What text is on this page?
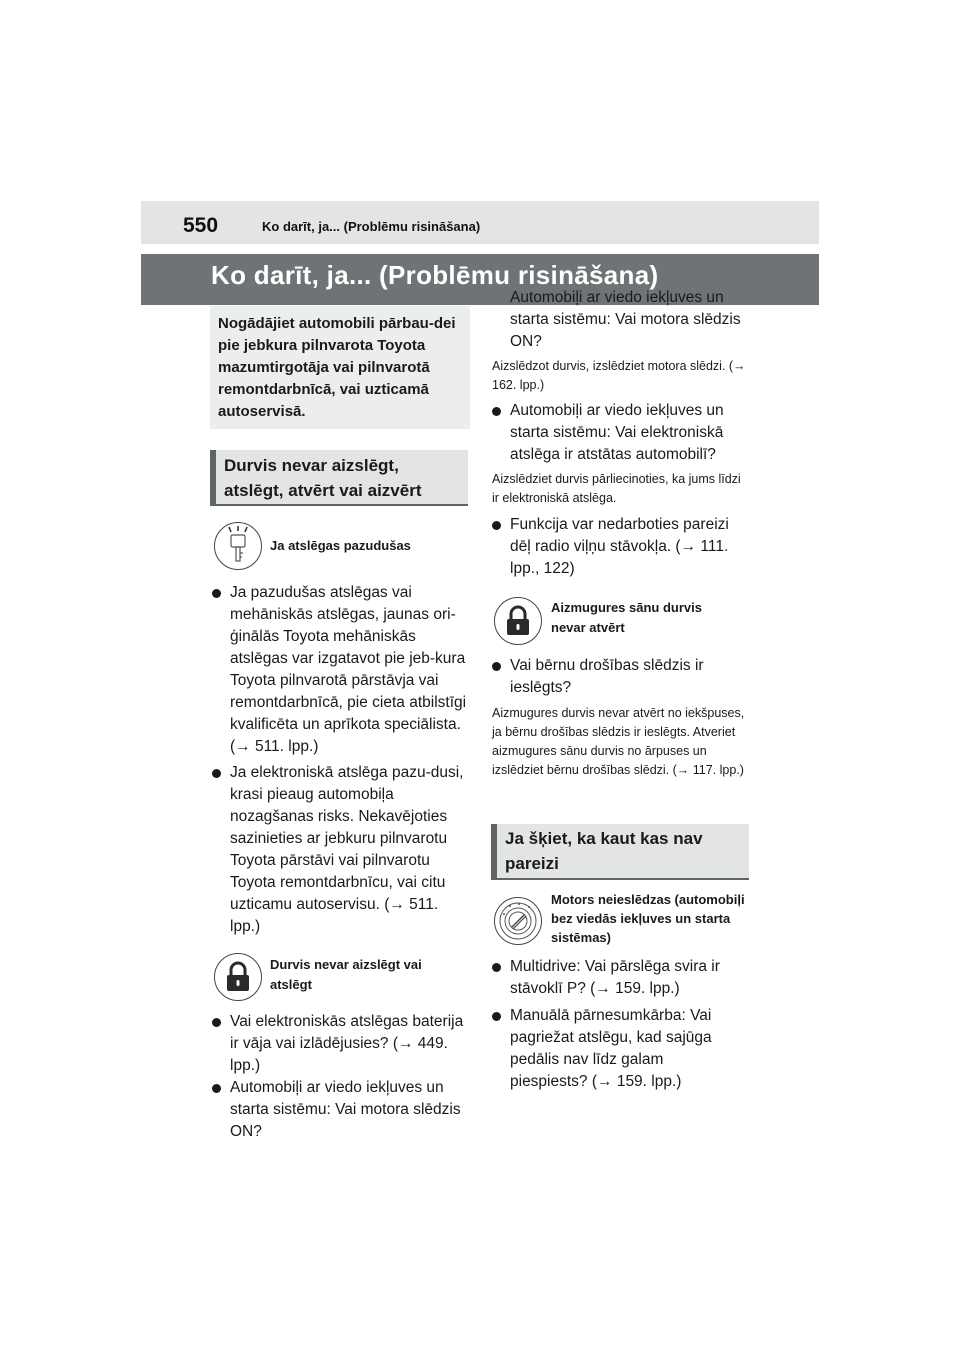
550	Ko darīt, ja... (Problēmu risināšana)
Ko darīt, ja... (Problēmu risināšana)
Nogādājiet automobili pārbau-dei pie jebkura pilnvarota Toyota mazumtirgotāja vai pilnvarotā remontdarbnīcā, vai uzticamā autoservisā.
Durvis nevar aizslēgt, atslēgt, atvērt vai aizvērt
Ja atslēgas pazudušas
Ja pazudušas atslēgas vai mehāniskās atslēgas, jaunas ori-ģinālās Toyota mehāniskās atslēgas var izgatavot pie jeb-kura Toyota pilnvarotā pārstāvja vai remontdarbnīcā, pie cieta atbilstīgi kvalificēta un aprīkota speciālista. (→ 511. lpp.)
Ja elektroniskā atslēga pazu-dusi, krasi pieaug automobiļa nozagšanas risks. Nekavējoties sazinieties ar jebkuru pilnvarotu Toyota pārstāvi vai pilnvarotu Toyota remontdarbnīcu, vai citu uzticamu autoservisu. (→ 511. lpp.)
Durvis nevar aizslēgt vai atslēgt
Vai elektroniskās atslēgas baterija ir vāja vai izlādējusies? (→ 449. lpp.)
Automobiļi ar viedo iekļuves un starta sistēmu: Vai motora slēdzis ON?
Automobiļi ar viedo iekļuves un starta sistēmu: Vai motora slēdzis ON?
Aizslēdzot durvis, izslēdziet motora slēdzi. (→ 162. lpp.)
Automobiļi ar viedo iekļuves un starta sistēmu: Vai elektroniskā atslēga ir atstātas automobilī?
Aizslēdziet durvis pārliecinoties, ka jums līdzi ir elektroniskā atslēga.
Funkcija var nedarboties pareizi dēļ radio viļņu stāvokļa. (→ 111. lpp., 122)
Aizmugures sānu durvis nevar atvērt
Vai bērnu drošības slēdzis ir ieslēgts?
Aizmugures durvis nevar atvērt no iekšpuses, ja bērnu drošības slēdzis ir ieslēgts. Atveriet aizmugures sānu durvis no ārpuses un izslēdziet bērnu drošības slēdzi. (→ 117. lpp.)
Ja šķiet, ka kaut kas nav pareizi
Motors neieslēdzas (automobiļi bez viedās iekļuves un starta sistēmas)
Multidrive: Vai pārslēga svira ir stāvoklī P? (→ 159. lpp.)
Manuālā pārnesumkārba: Vai pagriežat atslēgu, kad sajūga pedālis nav līdz galam piespiests? (→ 159. lpp.)
